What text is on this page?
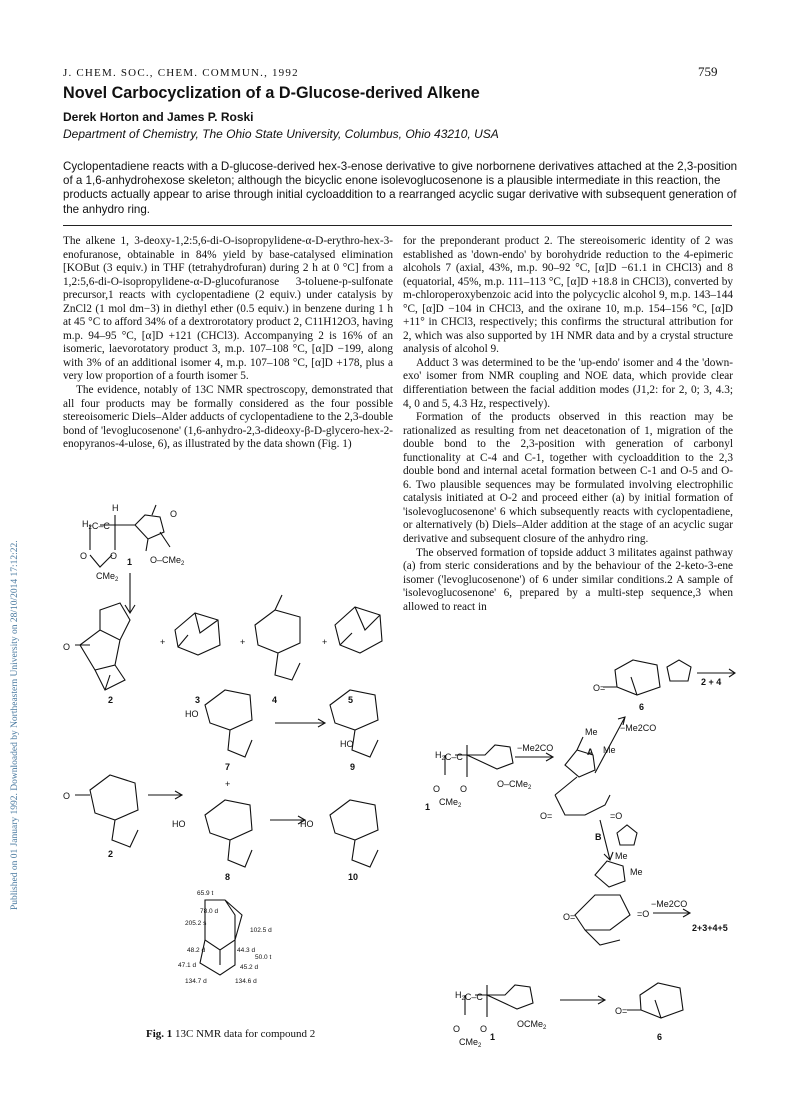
Published on 01 January 1992. Downloaded by Northeastern University on 28/10/2014 17:12:22.
J. CHEM. SOC., CHEM. COMMUN., 1992	759
Novel Carbocyclization of a D-Glucose-derived Alkene
Derek Horton and James P. Roski
Department of Chemistry, The Ohio State University, Columbus, Ohio 43210, USA
Cyclopentadiene reacts with a D-glucose-derived hex-3-enose derivative to give norbornene derivatives attached at the 2,3-position of a 1,6-anhydrohexose skeleton; although the bicyclic enone isolevoglucosenone is a plausible intermediate in this reaction, the products actually appear to arise through initial cycloaddition to a rearranged acyclic sugar derivative with subsequent generation of the anhydro ring.

The alkene 1, 3-deoxy-1,2:5,6-di-O-isopropylidene-α-D-erythro-hex-3-enofuranose, obtainable in 84% yield by base-catalysed elimination [KOBut (3 equiv.) in THF (tetrahydrofuran) during 2 h at 0 °C] from a 1,2:5,6-di-O-isopropylidene-α-D-glucofuranose 3-toluene-p-sulfonate precursor,1 reacts with cyclopentadiene (2 equiv.) under catalysis by ZnCl2 (1 mol dm−3) in diethyl ether (0.5 equiv.) in benzene during 1 h at 45 °C to afford 34% of a dextrorotatory product 2, C11H12O3, having m.p. 94–95 °C, [α]D +121 (CHCl3). Accompanying 2 is 16% of an isomeric, laevorotatory product 3, m.p. 107–108 °C, [α]D −199, along with 3% of an additional isomer 4, m.p. 107–108 °C, [α]D +178, plus a very low proportion of a fourth isomer 5.

The evidence, notably of 13C NMR spectroscopy, demonstrated that all four products may be formally considered as the four possible stereoisomeric Diels–Alder adducts of cyclopentadiene to the 2,3-double bond of 'levoglucosenone' (1,6-anhydro-2,3-dideoxy-β-D-glycero-hex-2-enopyranos-4-ulose, 6), as illustrated by the data shown (Fig. 1)

for the preponderant product 2. The stereoisomeric identity of 2 was established as 'down-endo' by borohydride reduction to the 4-epimeric alcohols 7 (axial, 43%, m.p. 90–92 °C, [α]D −61.1 in CHCl3) and 8 (equatorial, 45%, m.p. 111–113 °C, [α]D +18.8 in CHCl3), converted by m-chloroperoxybenzoic acid into the polycyclic alcohol 9, m.p. 143–144 °C, [α]D −104 in CHCl3, and the oxirane 10, m.p. 154–156 °C, [α]D +11° in CHCl3, respectively; this confirms the structural attribution for 2, which was also supported by 1H NMR data and by a crystal structure analysis of alcohol 9.

Adduct 3 was determined to be the 'up-endo' isomer and 4 the 'down-exo' isomer from NMR coupling and NOE data, which provide clear differentiation between the facial addition modes (J1,2: for 2, 0; 3, 4.3; 4, 0 and 5, 4.3 Hz, respectively).

Formation of the products observed in this reaction may be rationalized as resulting from net deacetonation of 1, migration of the double bond to the 2,3-position with generation of carbonyl functionality at C-4 and C-1, together with cycloaddition to the 2,3 double bond and internal acetal formation between C-1 and O-5 and O-6. Two plausible sequences may be formulated involving electrophilic catalysis initiated at O-2 and proceed either (a) by initial formation of 'isolevoglucosenone' 6 which subsequently reacts with cyclopentadiene, or alternatively (b) Diels–Alder addition at the stage of an acyclic sugar derivative and subsequent closure of the anhydro ring.

The observed formation of topside adduct 3 militates against pathway (a) from steric considerations and by the behaviour of the 2-keto-3-ene isomer ('levoglucosenone') of 6 under similar conditions.2 A sample of 'isolevoglucosenone' 6, prepared by a multi-step sequence,3 when allowed to react in

1
2	3	4	5
7
8
9
10
2
O	O
CMe$_2$
O–CMe$_2$
$H_2C-C$
H
O
+	+	+
O
HO
HO
+
HO	HO
O
65.9 t
78.0 d
205.2 s
102.5 d
48.2 d	44.3 d
50.0 t
47.1 d	45.2 d
134.7 d	134.6 d
6
1
1	6
2 + 4
2+3+4+5
A
B
−Me2CO
−Me2CO
−Me2CO
O=
O=	=O
O=	=O
O=
$H_2C-C$
$H_2C-C$
O O
O O
CMe$_2$
CMe$_2$
O–CMe$_2$
OCMe$_2$
Me
Me
Me
Me
Fig. 1 13C NMR data for compound 2
